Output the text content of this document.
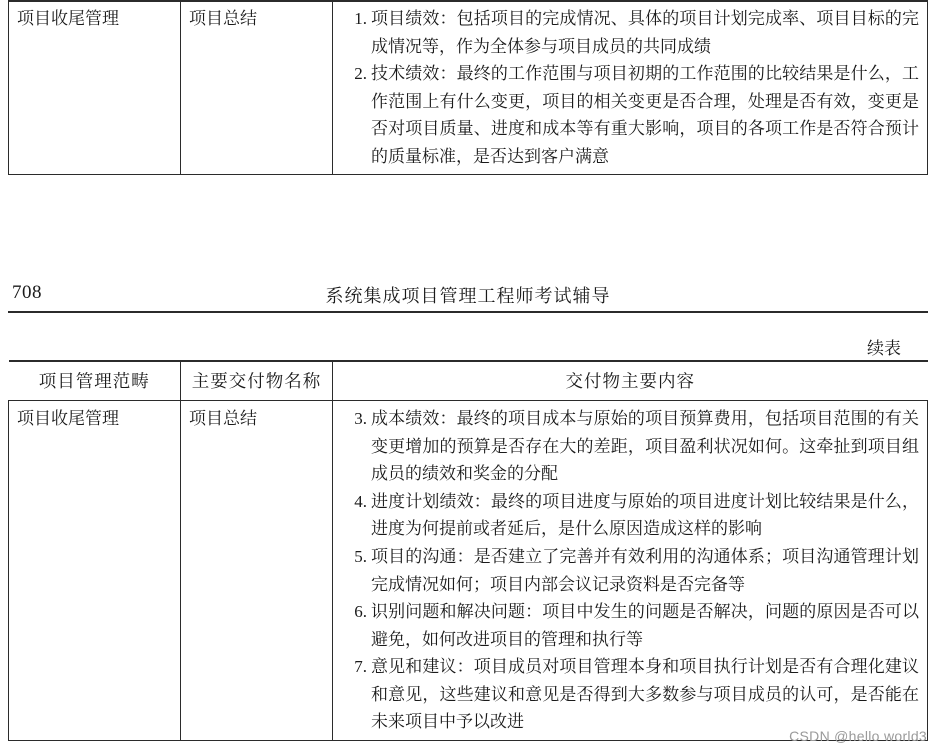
项目收尾管理	项目总结	1. 项目绩效：包括项目的完成情况、具体的项目计划完成率、项目目标的完成情况等，作为全体参与项目成员的共同成绩
2. 技术绩效：最终的工作范围与项目初期的工作范围的比较结果是什么，工作范围上有什么变更，项目的相关变更是否合理，处理是否有效，变更是否对项目质量、进度和成本等有重大影响，项目的各项工作是否符合预计的质量标准，是否达到客户满意
708	系统集成项目管理工程师考试辅导
续表
项目管理范畴	主要交付物名称	交付物主要内容
项目收尾管理	项目总结	3. 成本绩效：最终的项目成本与原始的项目预算费用，包括项目范围的有关变更增加的预算是否存在大的差距，项目盈利状况如何。这牵扯到项目组成员的绩效和奖金的分配
4. 进度计划绩效：最终的项目进度与原始的项目进度计划比较结果是什么，进度为何提前或者延后，是什么原因造成这样的影响
5. 项目的沟通：是否建立了完善并有效利用的沟通体系；项目沟通管理计划完成情况如何；项目内部会议记录资料是否完备等
6. 识别问题和解决问题：项目中发生的问题是否解决，问题的原因是否可以避免，如何改进项目的管理和执行等
7. 意见和建议：项目成员对项目管理本身和项目执行计划是否有合理化建议和意见，这些建议和意见是否得到大多数参与项目成员的认可，是否能在未来项目中予以改进
CSDN @hello world3
